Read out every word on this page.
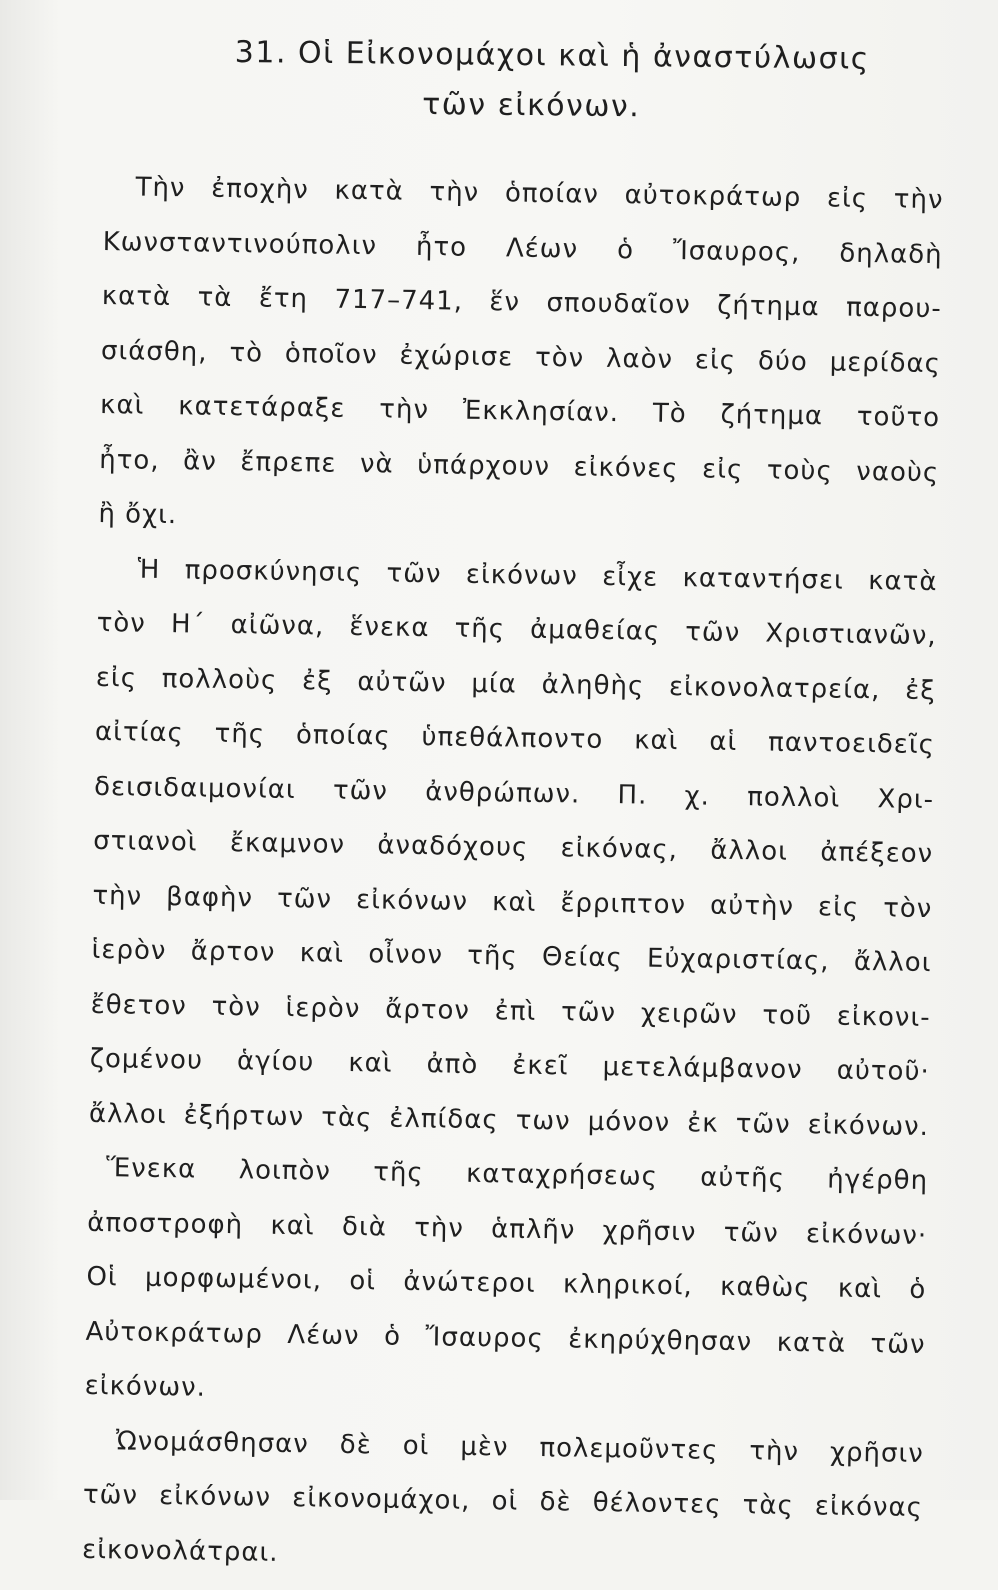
31. Οἱ Εἰκονομάχοι καὶ ἡ ἀναστύλωσις
τῶν εἰκόνων.
Τὴν ἐποχὴν κατὰ τὴν ὁποίαν αὐτοκράτωρ εἰς τὴν
Κωνσταντινούπολιν ἦτο Λέων ὁ Ἴσαυρος, δηλαδὴ
κατὰ τὰ ἔτη 717–741, ἕν σπουδαῖον ζήτημα παρου-
σιάσθη, τὸ ὁποῖον ἐχώρισε τὸν λαὸν εἰς δύο μερίδας
καὶ κατετάραξε τὴν Ἐκκλησίαν. Τὸ ζήτημα τοῦτο
ἦτο, ἂν ἔπρεπε νὰ ὑπάρχουν εἰκόνες εἰς τοὺς ναοὺς
ἢ ὄχι.
Ἡ προσκύνησις τῶν εἰκόνων εἶχε καταντήσει κατὰ
τὸν Η΄ αἰῶνα, ἕνεκα τῆς ἀμαθείας τῶν Χριστιανῶν,
εἰς πολλοὺς ἐξ αὐτῶν μία ἀληθὴς εἰκονολατρεία, ἐξ
αἰτίας τῆς ὁποίας ὑπεθάλποντο καὶ αἱ παντοειδεῖς
δεισιδαιμονίαι τῶν ἀνθρώπων. Π. χ. πολλοὶ Χρι-
στιανοὶ ἔκαμνον ἀναδόχους εἰκόνας, ἄλλοι ἀπέξεον
τὴν βαφὴν τῶν εἰκόνων καὶ ἔρριπτον αὐτὴν εἰς τὸν
ἱερὸν ἄρτον καὶ οἶνον τῆς Θείας Εὐχαριστίας, ἄλλοι
ἔθετον τὸν ἱερὸν ἄρτον ἐπὶ τῶν χειρῶν τοῦ εἰκονι-
ζομένου ἁγίου καὶ ἀπὸ ἐκεῖ μετελάμβανον αὐτοῦ·
ἄλλοι ἐξήρτων τὰς ἐλπίδας των μόνον ἐκ τῶν εἰκόνων.
Ἕνεκα λοιπὸν τῆς καταχρήσεως αὐτῆς ἠγέρθη
ἀποστροφὴ καὶ διὰ τὴν ἁπλῆν χρῆσιν τῶν εἰκόνων·
Οἱ μορφωμένοι, οἱ ἀνώτεροι κληρικοί, καθὼς καὶ ὁ
Αὐτοκράτωρ Λέων ὁ Ἴσαυρος ἐκηρύχθησαν κατὰ τῶν
εἰκόνων.
Ὠνομάσθησαν δὲ οἱ μὲν πολεμοῦντες τὴν χρῆσιν
τῶν εἰκόνων εἰκονομάχοι, οἱ δὲ θέλοντες τὰς εἰκόνας
εἰκονολάτραι.
